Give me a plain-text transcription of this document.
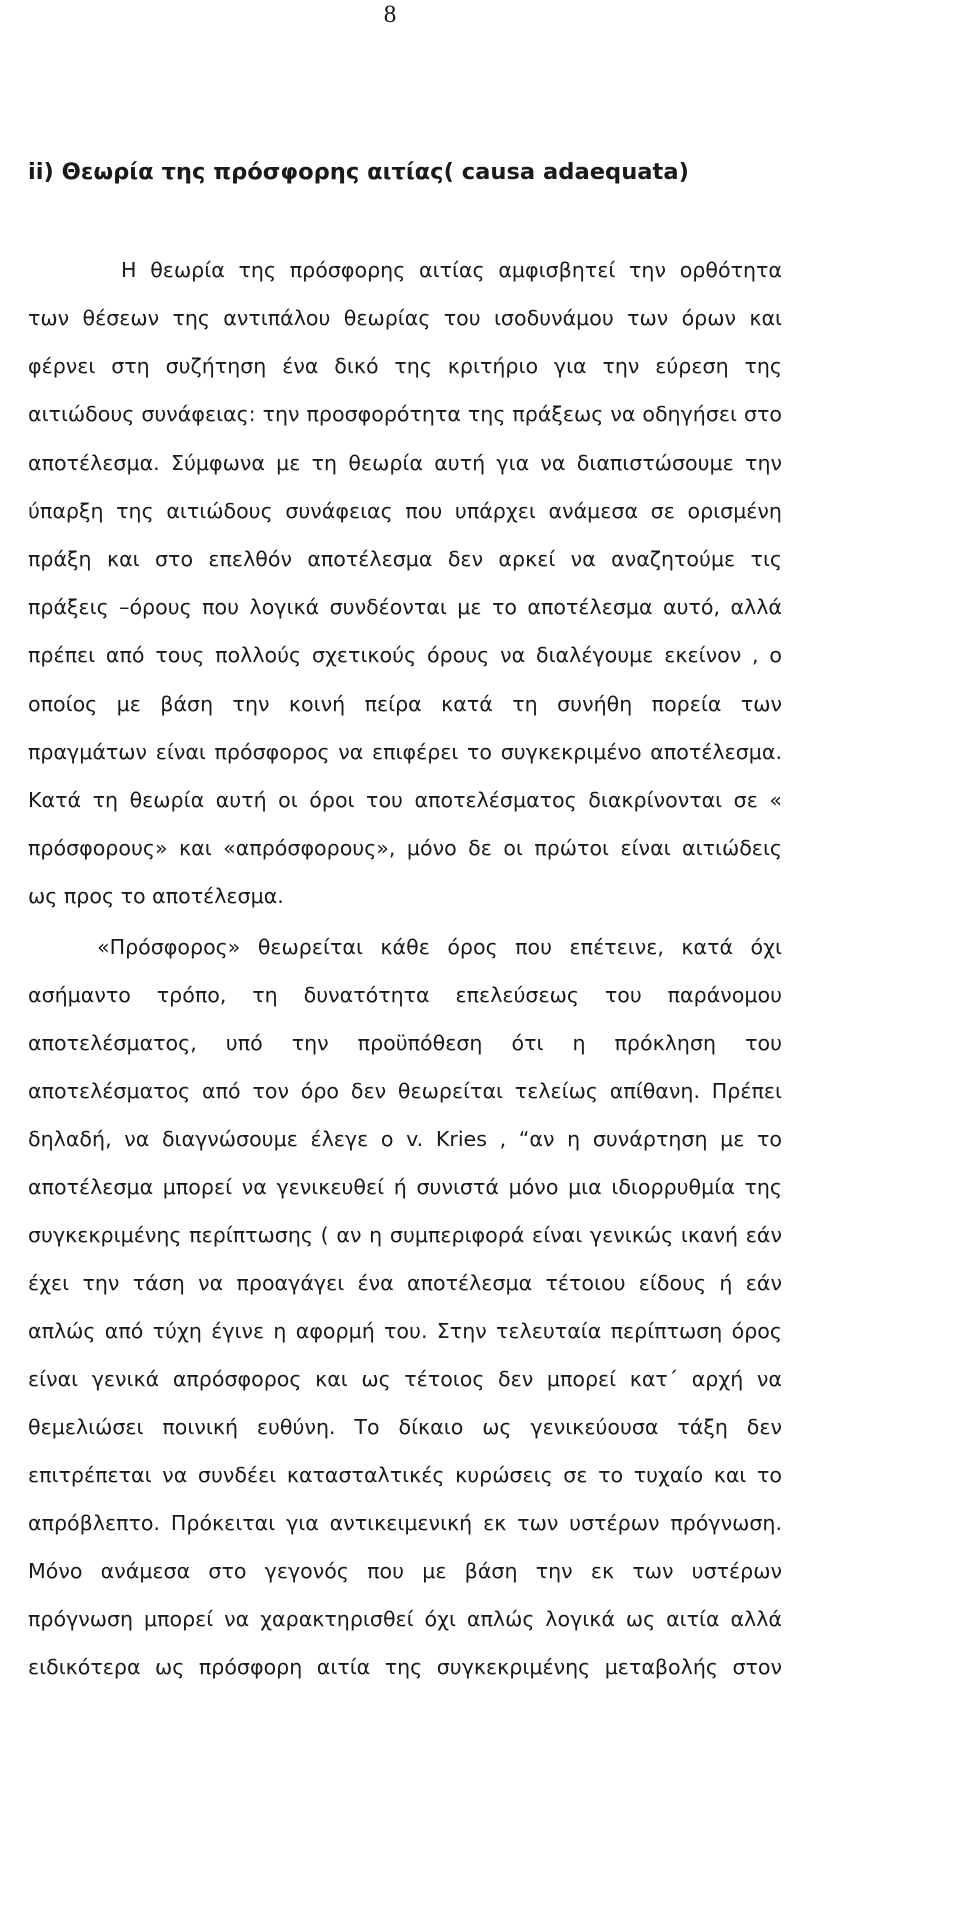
8
ii) Θεωρία της πρόσφορης αιτίας( causa adaequata)
Η θεωρία της πρόσφορης αιτίας αμφισβητεί την ορθότητα
των θέσεων της αντιπάλου θεωρίας του ισοδυνάμου των όρων και
φέρνει στη συζήτηση ένα δικό της κριτήριο για την εύρεση της
αιτιώδους συνάφειας: την προσφορότητα της πράξεως να οδηγήσει στο
αποτέλεσμα. Σύμφωνα με τη θεωρία αυτή για να διαπιστώσουμε την
ύπαρξη της αιτιώδους συνάφειας που υπάρχει ανάμεσα σε ορισμένη
πράξη και στο επελθόν αποτέλεσμα δεν αρκεί να αναζητούμε τις
πράξεις –όρους που λογικά συνδέονται με το αποτέλεσμα αυτό, αλλά
πρέπει από τους πολλούς σχετικούς όρους να διαλέγουμε εκείνον , ο
οποίος με βάση την κοινή πείρα κατά τη συνήθη πορεία των
πραγμάτων είναι πρόσφορος να επιφέρει το συγκεκριμένο αποτέλεσμα.
Κατά τη θεωρία αυτή οι όροι του αποτελέσματος διακρίνονται σε «
πρόσφορους» και «απρόσφορους», μόνο δε οι πρώτοι είναι αιτιώδεις
ως προς το αποτέλεσμα.
«Πρόσφορος» θεωρείται κάθε όρος που επέτεινε, κατά όχι
ασήμαντο τρόπο, τη δυνατότητα επελεύσεως του παράνομου
αποτελέσματος, υπό την προϋπόθεση ότι η πρόκληση του
αποτελέσματος από τον όρο δεν θεωρείται τελείως απίθανη. Πρέπει
δηλαδή, να διαγνώσουμε έλεγε ο v. Kries , “αν η συνάρτηση με το
αποτέλεσμα μπορεί να γενικευθεί ή συνιστά μόνο μια ιδιορρυθμία της
συγκεκριμένης περίπτωσης ( αν η συμπεριφορά είναι γενικώς ικανή εάν
έχει την τάση να προαγάγει ένα αποτέλεσμα τέτοιου είδους ή εάν
απλώς από τύχη έγινε η αφορμή του. Στην τελευταία περίπτωση όρος
είναι γενικά απρόσφορος και ως τέτοιος δεν μπορεί κατ΄ αρχή να
θεμελιώσει ποινική ευθύνη. Το δίκαιο ως γενικεύουσα τάξη δεν
επιτρέπεται να συνδέει κατασταλτικές κυρώσεις σε το τυχαίο και το
απρόβλεπτο. Πρόκειται για αντικειμενική εκ των υστέρων πρόγνωση.
Μόνο ανάμεσα στο γεγονός που με βάση την εκ των υστέρων
πρόγνωση μπορεί να χαρακτηρισθεί όχι απλώς λογικά ως αιτία αλλά
ειδικότερα ως πρόσφορη αιτία της συγκεκριμένης μεταβολής στον
